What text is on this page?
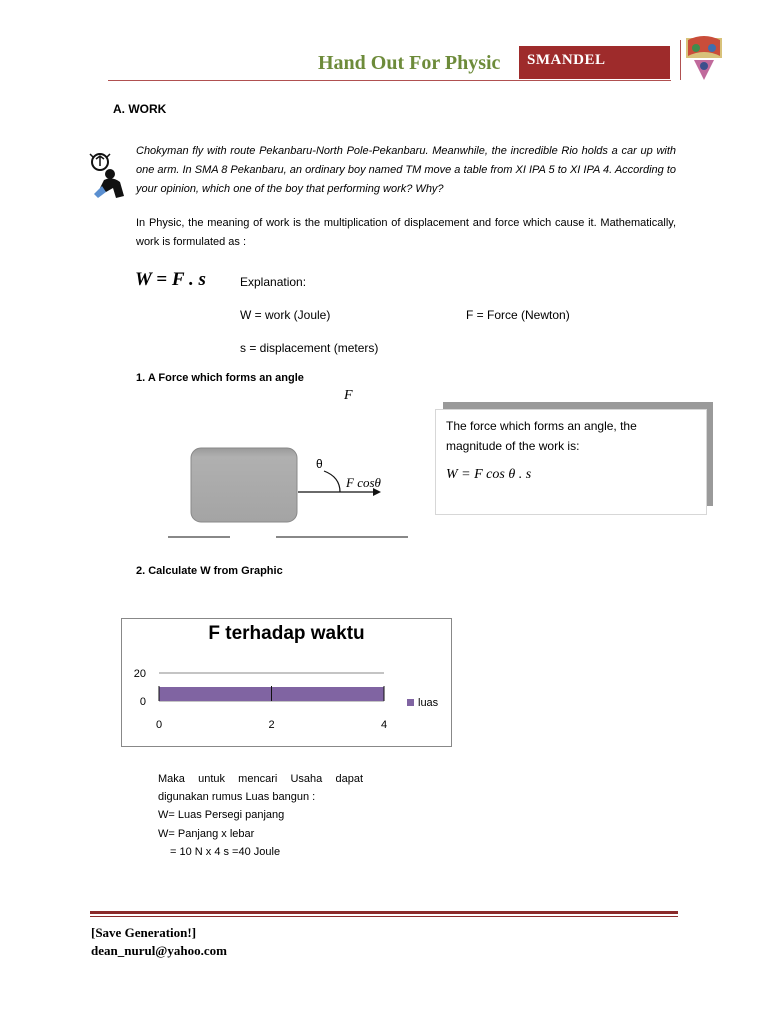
Hand Out For Physic SMANDEL
A. WORK
Chokyman fly with route Pekanbaru-North Pole-Pekanbaru. Meanwhile, the incredible Rio holds a car up with one arm. In SMA 8 Pekanbaru, an ordinary boy named TM move a table from XI IPA 5 to XI IPA 4. According to your opinion, which one of the boy that performing work? Why?
In Physic, the meaning of work is the multiplication of displacement and force which cause it. Mathematically, work is formulated as :
W = F . s	Explanation:
W = work (Joule)	F = Force (Newton)
s = displacement (meters)
1. A Force which forms an angle
F
θ
F cosθ
The force which forms an angle, the magnitude of the work is:
W = F cos θ . s
2. Calculate W from Graphic
F terhadap waktu
0
20
luas
0	2	4
Maka untuk mencari Usaha dapat
digunakan rumus Luas bangun :
W= Luas Persegi panjang
W= Panjang x lebar
= 10 N x 4 s =40 Joule
[Save Generation!]
dean_nurul@yahoo.com
